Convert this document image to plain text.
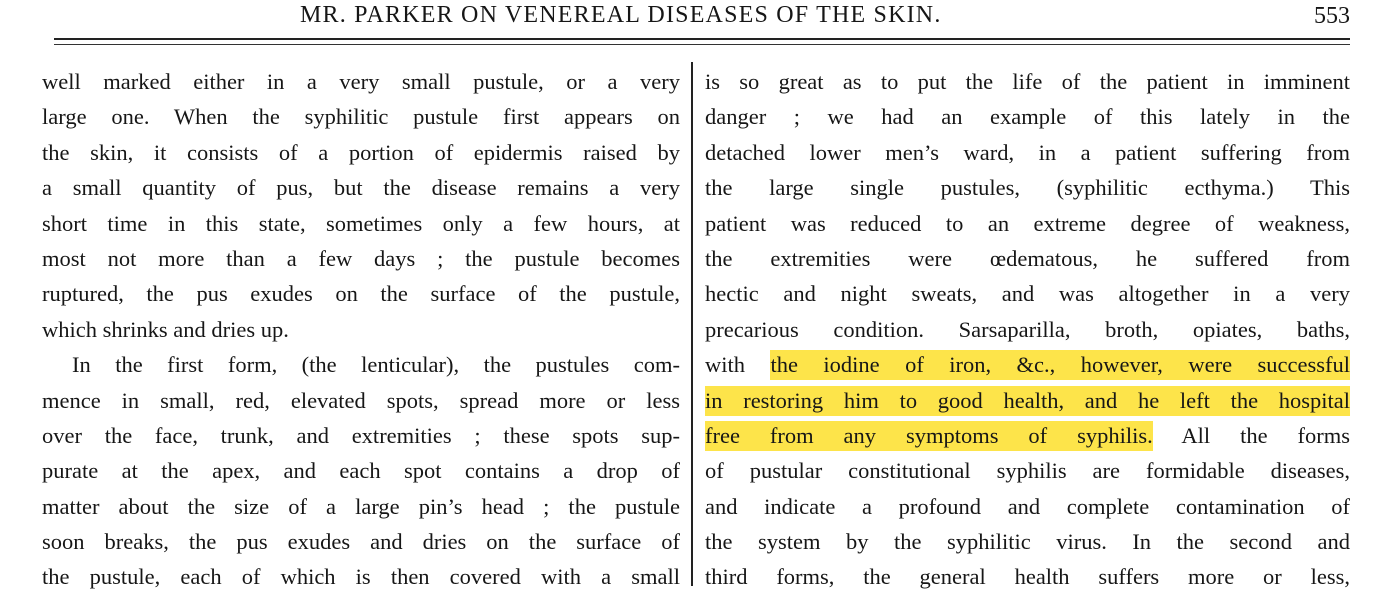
MR. PARKER ON VENEREAL DISEASES OF THE SKIN.	553
well marked either in a very small pustule, or a very
large one. When the syphilitic pustule first appears on
the skin, it consists of a portion of epidermis raised by
a small quantity of pus, but the disease remains a very
short time in this state, sometimes only a few hours, at
most not more than a few days ; the pustule becomes
ruptured, the pus exudes on the surface of the pustule,
which shrinks and dries up.
In the first form, (the lenticular), the pustules com-
mence in small, red, elevated spots, spread more or less
over the face, trunk, and extremities ; these spots sup-
purate at the apex, and each spot contains a drop of
matter about the size of a large pin’s head ; the pustule
soon breaks, the pus exudes and dries on the surface of
the pustule, each of which is then covered with a small
is so great as to put the life of the patient in imminent
danger ; we had an example of this lately in the
detached lower men’s ward, in a patient suffering from
the large single pustules, (syphilitic ecthyma.) This
patient was reduced to an extreme degree of weakness,
the extremities were œdematous, he suffered from
hectic and night sweats, and was altogether in a very
precarious condition. Sarsaparilla, broth, opiates, baths,
with the iodine of iron, &c., however, were successful
in restoring him to good health, and he left the hospital
free from any symptoms of syphilis. All the forms
of pustular constitutional syphilis are formidable diseases,
and indicate a profound and complete contamination of
the system by the syphilitic virus. In the second and
third forms, the general health suffers more or less,
